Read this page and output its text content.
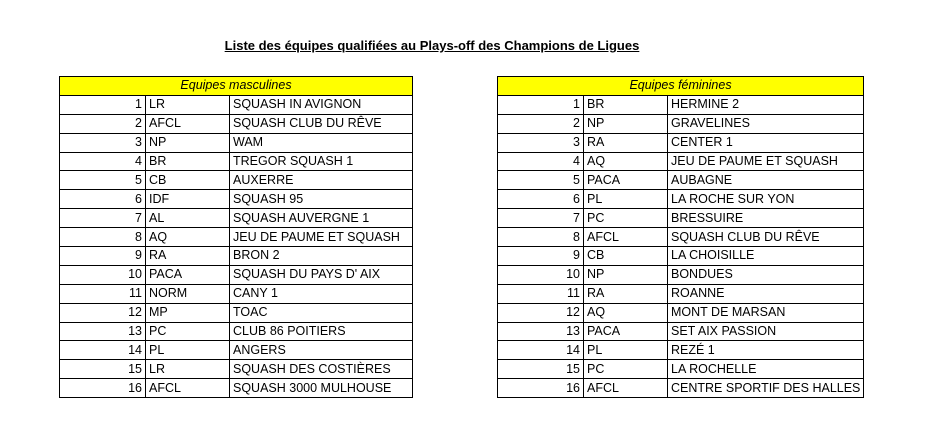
Liste des équipes qualifiées au Plays-off des Champions de Ligues
Equipes masculines		
1	LR	SQUASH IN AVIGNON
2	AFCL	SQUASH CLUB DU RÊVE
3	NP	WAM
4	BR	TREGOR SQUASH 1
5	CB	AUXERRE
6	IDF	SQUASH 95
7	AL	SQUASH AUVERGNE 1
8	AQ	JEU DE PAUME ET SQUASH
9	RA	BRON 2
10	PACA	SQUASH DU PAYS D' AIX
11	NORM	CANY 1
12	MP	TOAC
13	PC	CLUB 86 POITIERS
14	PL	ANGERS
15	LR	SQUASH DES COSTIÈRES
16	AFCL	SQUASH 3000 MULHOUSE
Equipes féminines		
1	BR	HERMINE 2
2	NP	GRAVELINES
3	RA	CENTER 1
4	AQ	JEU DE PAUME ET SQUASH
5	PACA	AUBAGNE
6	PL	LA ROCHE SUR YON
7	PC	BRESSUIRE
8	AFCL	SQUASH CLUB DU RÊVE
9	CB	LA CHOISILLE
10	NP	BONDUES
11	RA	ROANNE
12	AQ	MONT DE MARSAN
13	PACA	SET AIX PASSION
14	PL	REZÉ 1
15	PC	LA ROCHELLE
16	AFCL	CENTRE SPORTIF DES HALLES
